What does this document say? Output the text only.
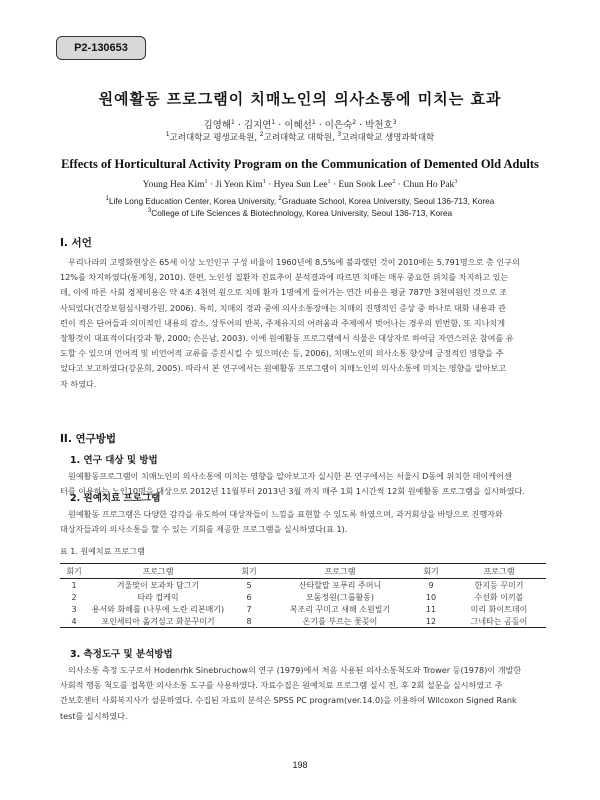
P2-130653
원예활동 프로그램이 치매노인의 의사소통에 미치는 효과
김영해$^1$ · 김지연$^1$ · 이혜선$^1$ · 이은숙$^2$ · 박천호$^3$
$^1$고려대학교 평생교육원, $^2$고려대학교 대학원, $^3$고려대학교 생명과학대학
Effects of Horticultural Activity Program on the Communication of Demented Old Adults
Young Hea Kim$^1$ · Ji Yeon Kim$^1$ · Hyea Sun Lee$^1$ · Eun Sook Lee$^2$ · Chun Ho Pak$^3$
$^1$Life Long Education Center, Korea University, $^2$Graduate School, Korea University, Seoul 136-713, Korea
$^3$College of Life Sciences & Biotechnology, Korea University, Seoul 136-713, Korea
I. 서언
우리나라의 고령화현상은 65세 이상 노인인구 구성 비율이 1960년에 8.5%에 불과했던 것이 2010에는 5,791명으로 총 인구의
12%를 차지하였다(통계청, 2010). 한편, 노인성 질환자 진료추이 분석결과에 따르면 치매는 매우 중요한 위치를 차지하고 있는
데, 이에 따른 사회 경제비용은 약 4조 4천억 원으로 치매 환자 1명에게 들어가는 연간 비용은 평균 787만 3천여원인 것으로 조
사되었다(건강보험심사평가원, 2006). 특히, 치매의 경과 중에 의사소통장애는 치매의 진행적인 증상 중 하나로 대화 내용과 관
련이 적은 단어들과 의미적인 내용의 감소, 상투어의 반복, 주제유지의 어려움과 주제에서 벗어나는 경우의 빈번함, 또 지나치게
장황것이 대표적이다(강과 황, 2000; 손은남, 2003). 이에 원예활동 프로그램에서 식물은 대상자로 하여금 자연스러운 참여를 유
도할 수 있으며 언어적 및 비언어적 교류를 증진시킬 수 있으며(손 등, 2006), 치매노인의 의사소통 향상에 긍정적인 영향을 주
었다고 보고하였다(강문희, 2005). 따라서 본 연구에서는 원예활동 프로그램이 치매노인의 의사소통에 미치는 영향을 알아보고
자 하였다.
II. 연구방법
1. 연구 대상 및 방법
원예활동프로그램이 치매노인의 의사소통에 미치는 영향을 알아보고자 실시한 본 연구에서는 서울시 D동에 위치한 데이케어센
터를 이용하는 노인10명을 대상으로 2012년 11월부터 2013년 3월 까지 매주 1회 1시간씩 12회 원예활동 프로그램을 실시하였다.
2. 원예치료 프로그램
원예활동 프로그램은 다양한 감각을 유도하여 대상자들이 느낌을 표현할 수 있도록 하였으며, 과거회상을 바탕으로 진행자와
대상자들과의 의사소통을 할 수 있는 기회를 제공한 프로그램을 실시하였다(표 1).
표 1. 원예치료 프로그램
회기	프로그램	회기	프로그램	회기	프로그램
1	겨울맞이 모과차 담그기	5	산타할말 포푸리 주머니	9	한지등 꾸미기
2	타라 컵케익	6	모둠정원(그룹활동)	10	수선화 이끼볼
3	용서와 화해를 (나무에 노란 리본매기)	7	복조리 꾸미고 새해 소원빌기	11	미리 화이트데이
4	포인세티아 옮겨심고 화분꾸미기	8	온기를 부르는 꽃꽂이	12	그네타는 곰돌이
3. 측정도구 및 분석방법
의사소통 측정 도구로서 Hodenrhk Sinebruchow의 연구 (1979)에서 처음 사용된 의사소통척도와 Trower 등(1978)이 개발한
사회적 행동 척도를 접목한 의사소통 도구를 사용하였다. 자료수집은 원예치료 프로그램 실시 전, 후 2회 설문을 실시하였고 주
간보호센터 사회복지사가 설문하였다. 수집된 자료의 분석은 SPSS PC program(ver.14.0)을 이용하여 Wilcoxon Signed Rank
test를 실시하였다.
198
